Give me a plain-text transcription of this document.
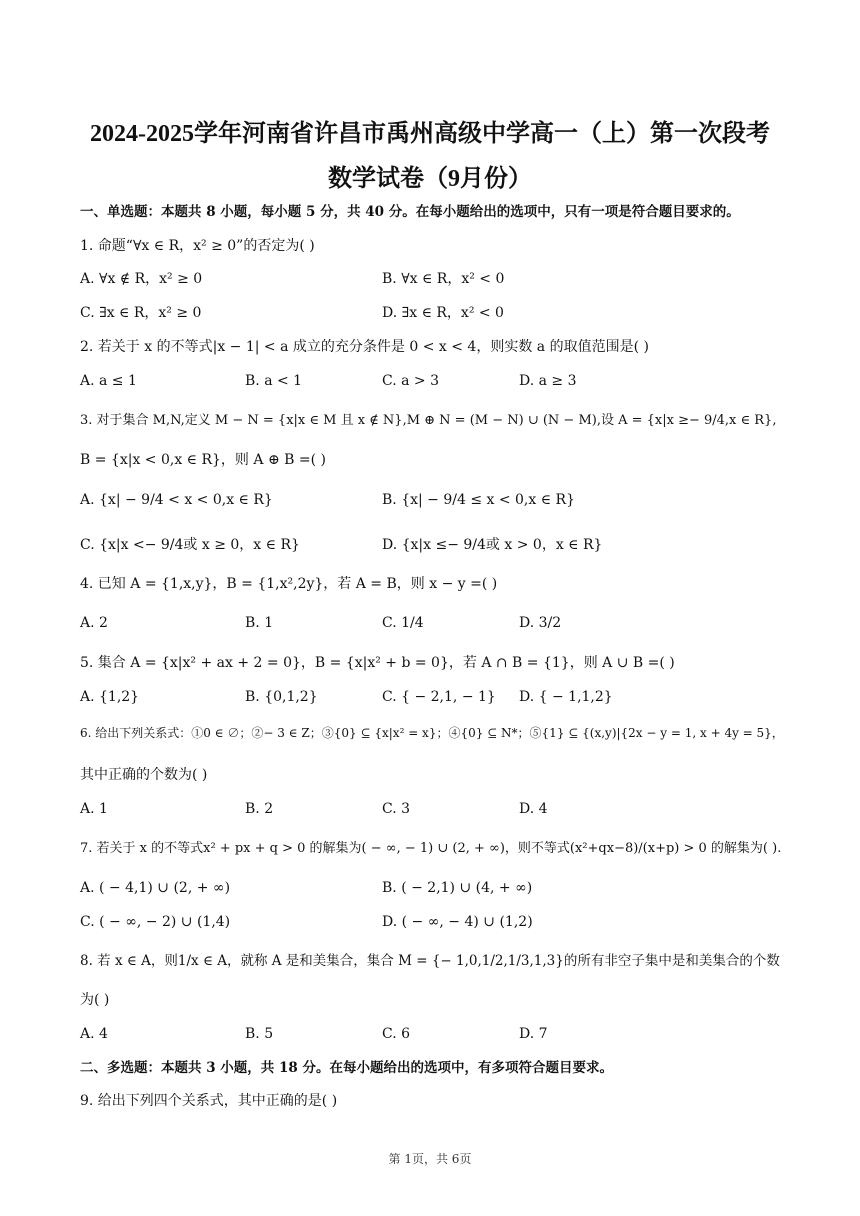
2024-2025学年河南省许昌市禹州高级中学高一（上）第一次段考
数学试卷（9月份）
一、单选题：本题共 8 小题，每小题 5 分，共 40 分。在每小题给出的选项中，只有一项是符合题目要求的。
1. 命题“∀x ∈ R，x² ≥ 0”的否定为( )
A. ∀x ∉ R，x² ≥ 0	B. ∀x ∈ R，x² < 0
C. ∃x ∈ R，x² ≥ 0	D. ∃x ∈ R，x² < 0
2. 若关于 x 的不等式|x − 1| < a 成立的充分条件是 0 < x < 4，则实数 a 的取值范围是( )
A. a ≤ 1	B. a < 1	C. a > 3	D. a ≥ 3
3. 对于集合 M,N,定义 M − N = {x|x ∈ M 且 x ∉ N},M ⊕ N = (M − N) ∪ (N − M),设 A = {x|x ≥− 9/4,x ∈ R},
B = {x|x < 0,x ∈ R}，则 A ⊕ B =( )
A. {x| − 9/4 < x < 0,x ∈ R}	B. {x| − 9/4 ≤ x < 0,x ∈ R}
C. {x|x <− 9/4或 x ≥ 0，x ∈ R}	D. {x|x ≤− 9/4或 x > 0，x ∈ R}
4. 已知 A = {1,x,y}，B = {1,x²,2y}，若 A = B，则 x − y =( )
A. 2	B. 1	C. 1/4	D. 3/2
5. 集合 A = {x|x² + ax + 2 = 0}，B = {x|x² + b = 0}，若 A ∩ B = {1}，则 A ∪ B =( )
A. {1,2}	B. {0,1,2}	C. { − 2,1, − 1} D. { − 1,1,2}
6. 给出下列关系式：①0 ∈ ∅；②− 3 ∈ Z；③{0} ⊆ {x|x² = x}；④{0} ⊆ N*；⑤{1} ⊆ {(x,y)|{2x − y = 1, x + 4y = 5}，
其中正确的个数为( )
A. 1	B. 2	C. 3	D. 4
7. 若关于 x 的不等式x² + px + q > 0 的解集为( − ∞, − 1) ∪ (2, + ∞)，则不等式(x²+qx−8)/(x+p) > 0 的解集为( ).
A. ( − 4,1) ∪ (2, + ∞)	B. ( − 2,1) ∪ (4, + ∞)
C. ( − ∞, − 2) ∪ (1,4)	D. ( − ∞, − 4) ∪ (1,2)
8. 若 x ∈ A，则1/x ∈ A，就称 A 是和美集合，集合 M = {− 1,0,1/2,1/3,1,3}的所有非空子集中是和美集合的个数
为( )
A. 4	B. 5	C. 6	D. 7
二、多选题：本题共 3 小题，共 18 分。在每小题给出的选项中，有多项符合题目要求。
9. 给出下列四个关系式，其中正确的是( )
第 1页，共 6页
